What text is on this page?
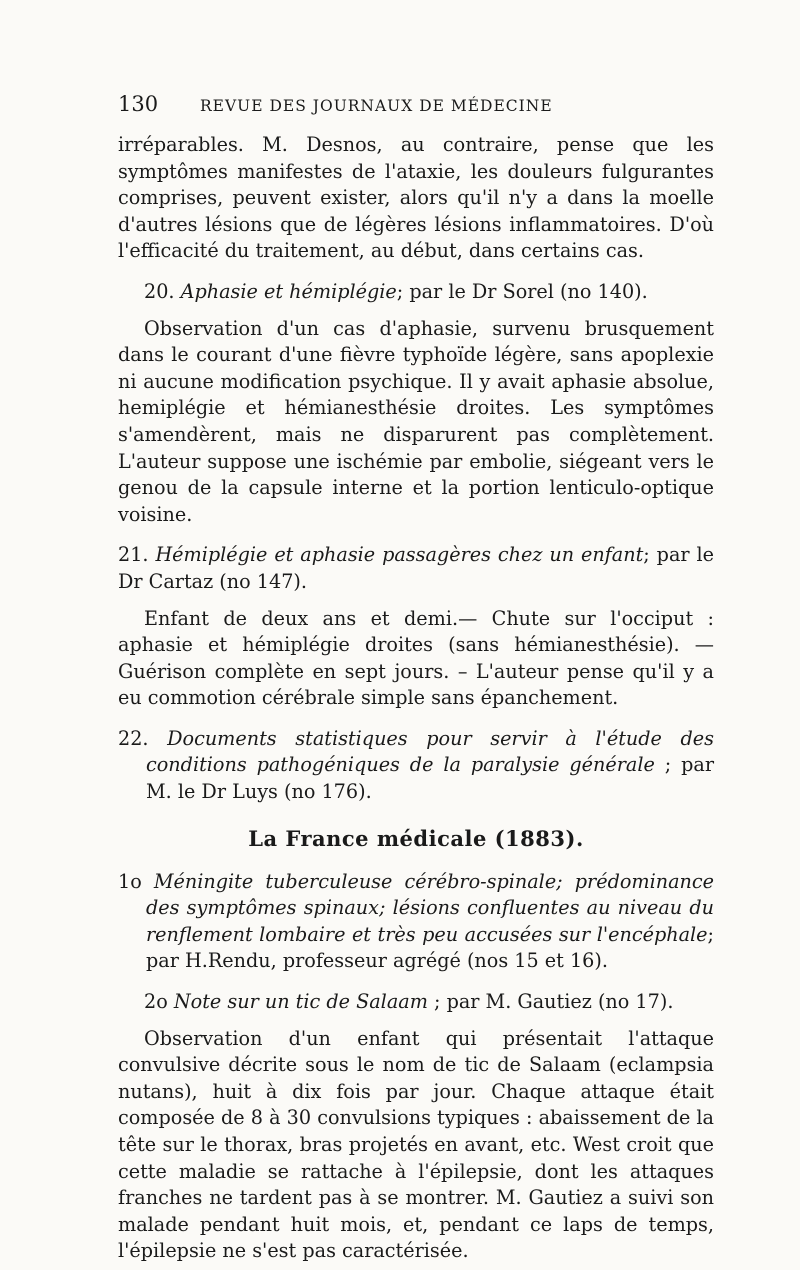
130	REVUE DES JOURNAUX DE MÉDECINE

irréparables. M. Desnos, au contraire, pense que les symptômes manifestes de l'ataxie, les douleurs fulgurantes comprises, peuvent exister, alors qu'il n'y a dans la moelle d'autres lésions que de légères lésions inflammatoires. D'où l'efficacité du traitement, au début, dans certains cas.

20. Aphasie et hémiplégie; par le Dr Sorel (no 140).

Observation d'un cas d'aphasie, survenu brusquement dans le courant d'une fièvre typhoïde légère, sans apoplexie ni aucune modification psychique. Il y avait aphasie absolue, hemiplégie et hémianesthésie droites. Les symptômes s'amendèrent, mais ne disparurent pas complètement. L'auteur suppose une ischémie par embolie, siégeant vers le genou de la capsule interne et la portion lenticulo-optique voisine.

21. Hémiplégie et aphasie passagères chez un enfant; par le Dr Cartaz (no 147).

Enfant de deux ans et demi.— Chute sur l'occiput : aphasie et hémiplégie droites (sans hémianesthésie). — Guérison complète en sept jours. – L'auteur pense qu'il y a eu commotion cérébrale simple sans épanchement.

22. Documents statistiques pour servir à l'étude des conditions pathogéniques de la paralysie générale ; par M. le Dr Luys (no 176).

La France médicale (1883).

1o Méningite tuberculeuse cérébro-spinale; prédominance des symptômes spinaux; lésions confluentes au niveau du renflement lombaire et très peu accusées sur l'encéphale; par H.Rendu, professeur agrégé (nos 15 et 16).

2o Note sur un tic de Salaam ; par M. Gautiez (no 17).

Observation d'un enfant qui présentait l'attaque convulsive décrite sous le nom de tic de Salaam (eclampsia nutans), huit à dix fois par jour. Chaque attaque était composée de 8 à 30 convulsions typiques : abaissement de la tête sur le thorax, bras projetés en avant, etc. West croit que cette maladie se rattache à l'épilepsie, dont les attaques franches ne tardent pas à se montrer. M. Gautiez a suivi son malade pendant huit mois, et, pendant ce laps de temps, l'épilepsie ne s'est pas caractérisée.
